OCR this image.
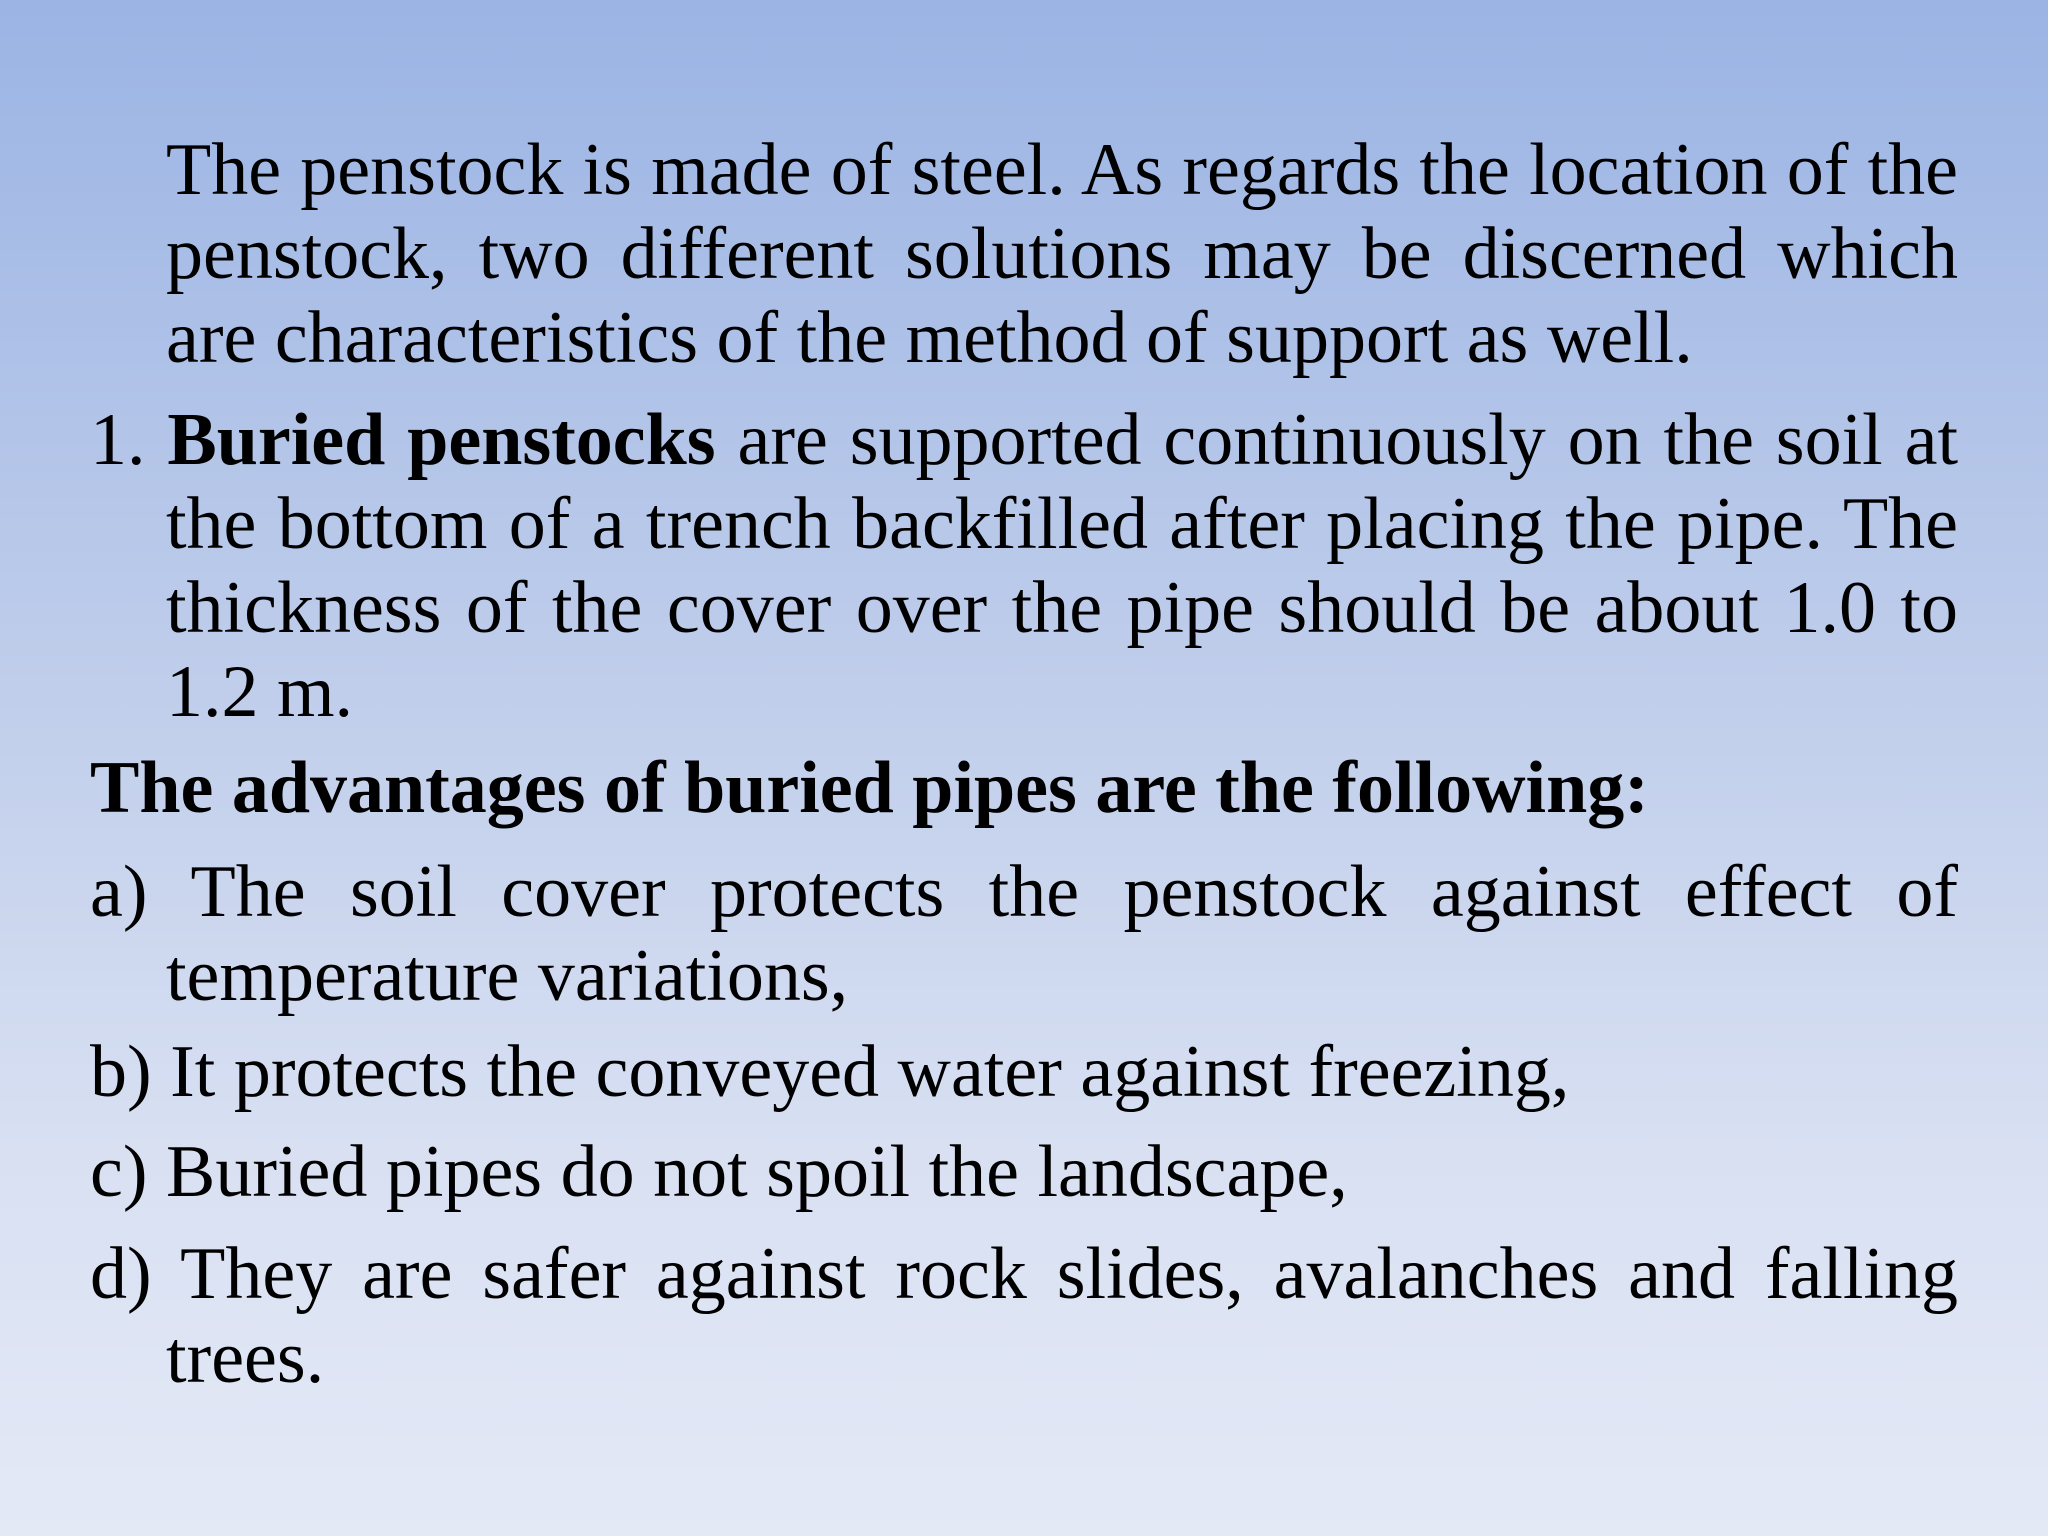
The penstock is made of steel. As regards the location of the penstock, two different solutions may be discerned which are characteristics of the method of support as well.

1. Buried penstocks are supported continuously on the soil at the bottom of a trench backfilled after placing the pipe. The thickness of the cover over the pipe should be about 1.0 to 1.2 m.

The advantages of buried pipes are the following:

a) The soil cover protects the penstock against effect of temperature variations,

b) It protects the conveyed water against freezing,

c) Buried pipes do not spoil the landscape,

d) They are safer against rock slides, avalanches and falling trees.
